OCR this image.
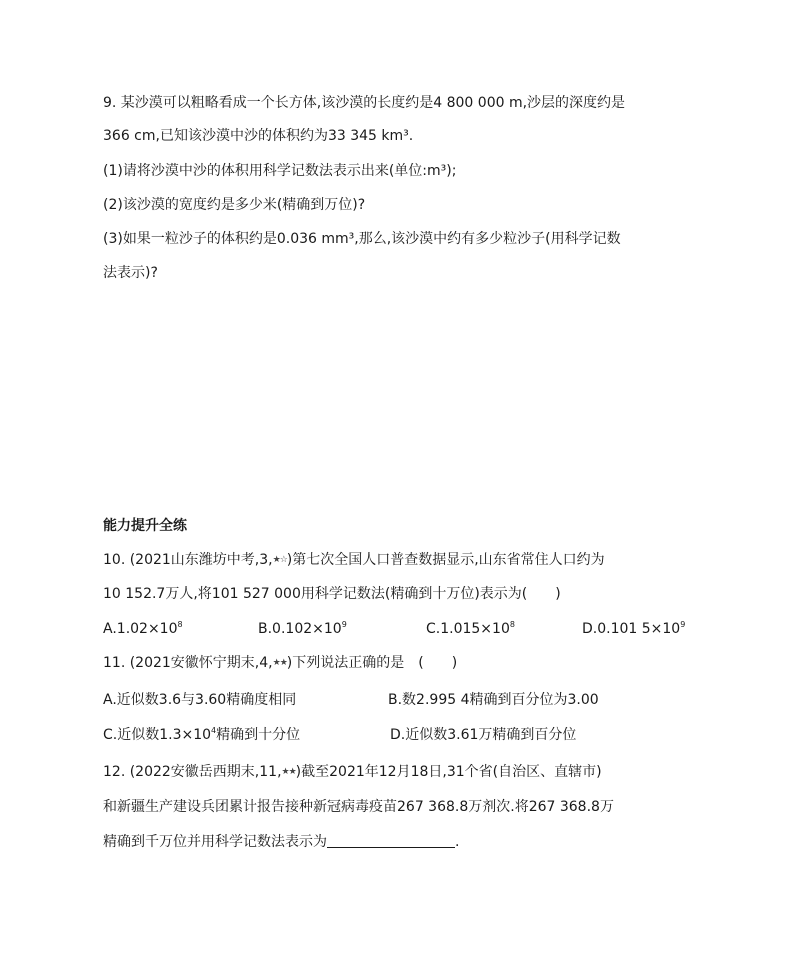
9. 某沙漠可以粗略看成一个长方体,该沙漠的长度约是4 800 000 m,沙层的深度约是
366 cm,已知该沙漠中沙的体积约为33 345 km³.
(1)请将沙漠中沙的体积用科学记数法表示出来(单位:m³);
(2)该沙漠的宽度约是多少米(精确到万位)?
(3)如果一粒沙子的体积约是0.036 mm³,那么,该沙漠中约有多少粒沙子(用科学记数
法表示)?
能力提升全练
10. (2021山东潍坊中考,3,★☆)第七次全国人口普查数据显示,山东省常住人口约为
10 152.7万人,将101 527 000用科学记数法(精确到十万位)表示为(　　)
$A.1.02\times 10^8$	$B.0.102\times 10^9$	$C.1.015\times 10^8$	D.0.101 $5\times 10^9$
11. (2021安徽怀宁期末,4,★★)下列说法正确的是　(　　)
A.近似数3.6与3.60精确度相同	B.数2.995 4精确到百分位为3.00
C.近似数$1.3\times 10^4$精确到十分位	D.近似数3.61万精确到百分位
12. (2022安徽岳西期末,11,★★)截至2021年12月18日,31个省(自治区、直辖市)
和新疆生产建设兵团累计报告接种新冠病毒疫苗267 368.8万剂次.将267 368.8万
精确到千万位并用科学记数法表示为	.
